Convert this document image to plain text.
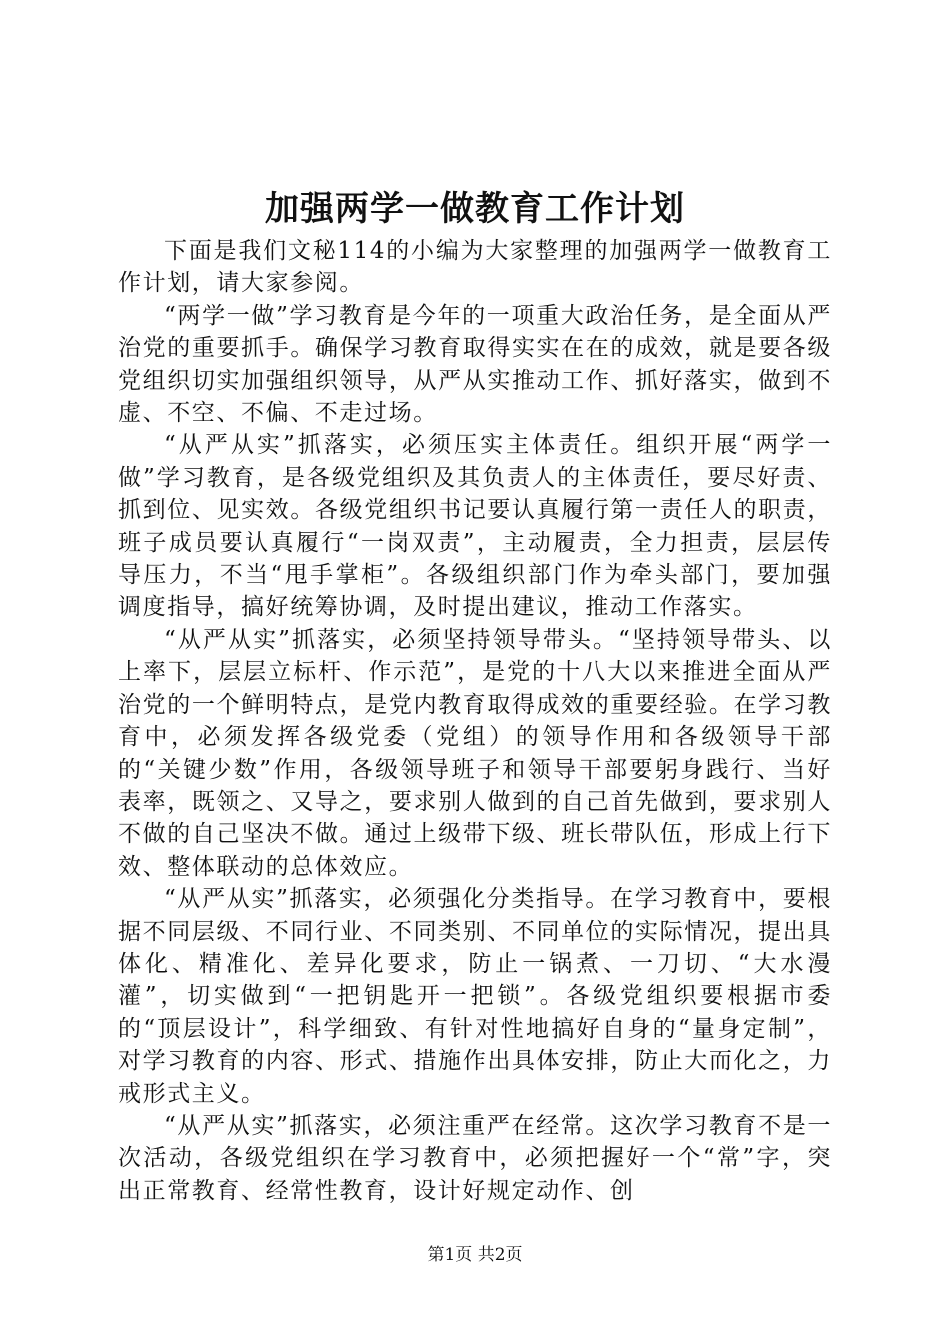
加强两学一做教育工作计划

下面是我们文秘114的小编为大家整理的加强两学一做教育工作计划，请大家参阅。

“两学一做”学习教育是今年的一项重大政治任务，是全面从严治党的重要抓手。确保学习教育取得实实在在的成效，就是要各级党组织切实加强组织领导，从严从实推动工作、抓好落实，做到不虚、不空、不偏、不走过场。

“从严从实”抓落实，必须压实主体责任。组织开展“两学一做”学习教育，是各级党组织及其负责人的主体责任，要尽好责、抓到位、见实效。各级党组织书记要认真履行第一责任人的职责，班子成员要认真履行“一岗双责”，主动履责，全力担责，层层传导压力，不当“甩手掌柜”。各级组织部门作为牵头部门，要加强调度指导，搞好统筹协调，及时提出建议，推动工作落实。

“从严从实”抓落实，必须坚持领导带头。“坚持领导带头、以上率下，层层立标杆、作示范”，是党的十八大以来推进全面从严治党的一个鲜明特点，是党内教育取得成效的重要经验。在学习教育中，必须发挥各级党委（党组）的领导作用和各级领导干部的“关键少数”作用，各级领导班子和领导干部要躬身践行、当好表率，既领之、又导之，要求别人做到的自己首先做到，要求别人不做的自己坚决不做。通过上级带下级、班长带队伍，形成上行下效、整体联动的总体效应。

“从严从实”抓落实，必须强化分类指导。在学习教育中，要根据不同层级、不同行业、不同类别、不同单位的实际情况，提出具体化、精准化、差异化要求，防止一锅煮、一刀切、“大水漫灌”，切实做到“一把钥匙开一把锁”。各级党组织要根据市委的“顶层设计”，科学细致、有针对性地搞好自身的“量身定制”，对学习教育的内容、形式、措施作出具体安排，防止大而化之，力戒形式主义。

“从严从实”抓落实，必须注重严在经常。这次学习教育不是一次活动，各级党组织在学习教育中，必须把握好一个“常”字，突出正常教育、经常性教育，设计好规定动作、创

第1页 共2页
